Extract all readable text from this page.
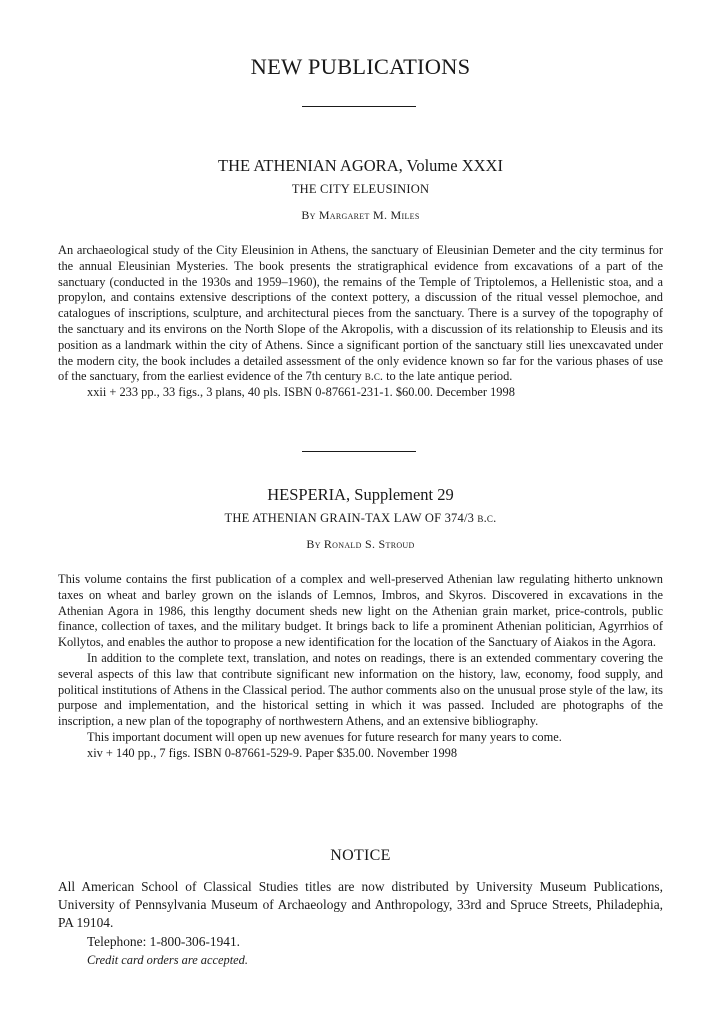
NEW PUBLICATIONS
THE ATHENIAN AGORA, Volume XXXI
THE CITY ELEUSINION
By Margaret M. Miles

An archaeological study of the City Eleusinion in Athens, the sanctuary of Eleusinian Demeter and the city terminus for the annual Eleusinian Mysteries. The book presents the stratigraphical evidence from excavations of a part of the sanctuary (conducted in the 1930s and 1959–1960), the remains of the Temple of Triptolemos, a Hellenistic stoa, and a propylon, and contains extensive descriptions of the context pottery, a discussion of the ritual vessel plemochoe, and catalogues of inscriptions, sculpture, and architectural pieces from the sanctuary. There is a survey of the topography of the sanctuary and its environs on the North Slope of the Akropolis, with a discussion of its relationship to Eleusis and its position as a landmark within the city of Athens. Since a significant portion of the sanctuary still lies unexcavated under the modern city, the book includes a detailed assessment of the only evidence known so far for the various phases of use of the sanctuary, from the earliest evidence of the 7th century b.c. to the late antique period.

xxii + 233 pp., 33 figs., 3 plans, 40 pls. ISBN 0-87661-231-1. $60.00. December 1998

HESPERIA, Supplement 29
THE ATHENIAN GRAIN-TAX LAW OF 374/3 b.c.
By Ronald S. Stroud

This volume contains the first publication of a complex and well-preserved Athenian law regulating hitherto unknown taxes on wheat and barley grown on the islands of Lemnos, Imbros, and Skyros. Discovered in excavations in the Athenian Agora in 1986, this lengthy document sheds new light on the Athenian grain market, price-controls, public finance, collection of taxes, and the military budget. It brings back to life a prominent Athenian politician, Agyrrhios of Kollytos, and enables the author to propose a new identification for the location of the Sanctuary of Aiakos in the Agora.

In addition to the complete text, translation, and notes on readings, there is an extended commentary covering the several aspects of this law that contribute significant new information on the history, law, economy, food supply, and political institutions of Athens in the Classical period. The author comments also on the unusual prose style of the law, its purpose and implementation, and the historical setting in which it was passed. Included are photographs of the inscription, a new plan of the topography of northwestern Athens, and an extensive bibliography.

This important document will open up new avenues for future research for many years to come.

xiv + 140 pp., 7 figs. ISBN 0-87661-529-9. Paper $35.00. November 1998

NOTICE

All American School of Classical Studies titles are now distributed by University Museum Publications, University of Pennsylvania Museum of Archaeology and Anthropology, 33rd and Spruce Streets, Philadephia, PA 19104.

Telephone: 1-800-306-1941.

Credit card orders are accepted.
